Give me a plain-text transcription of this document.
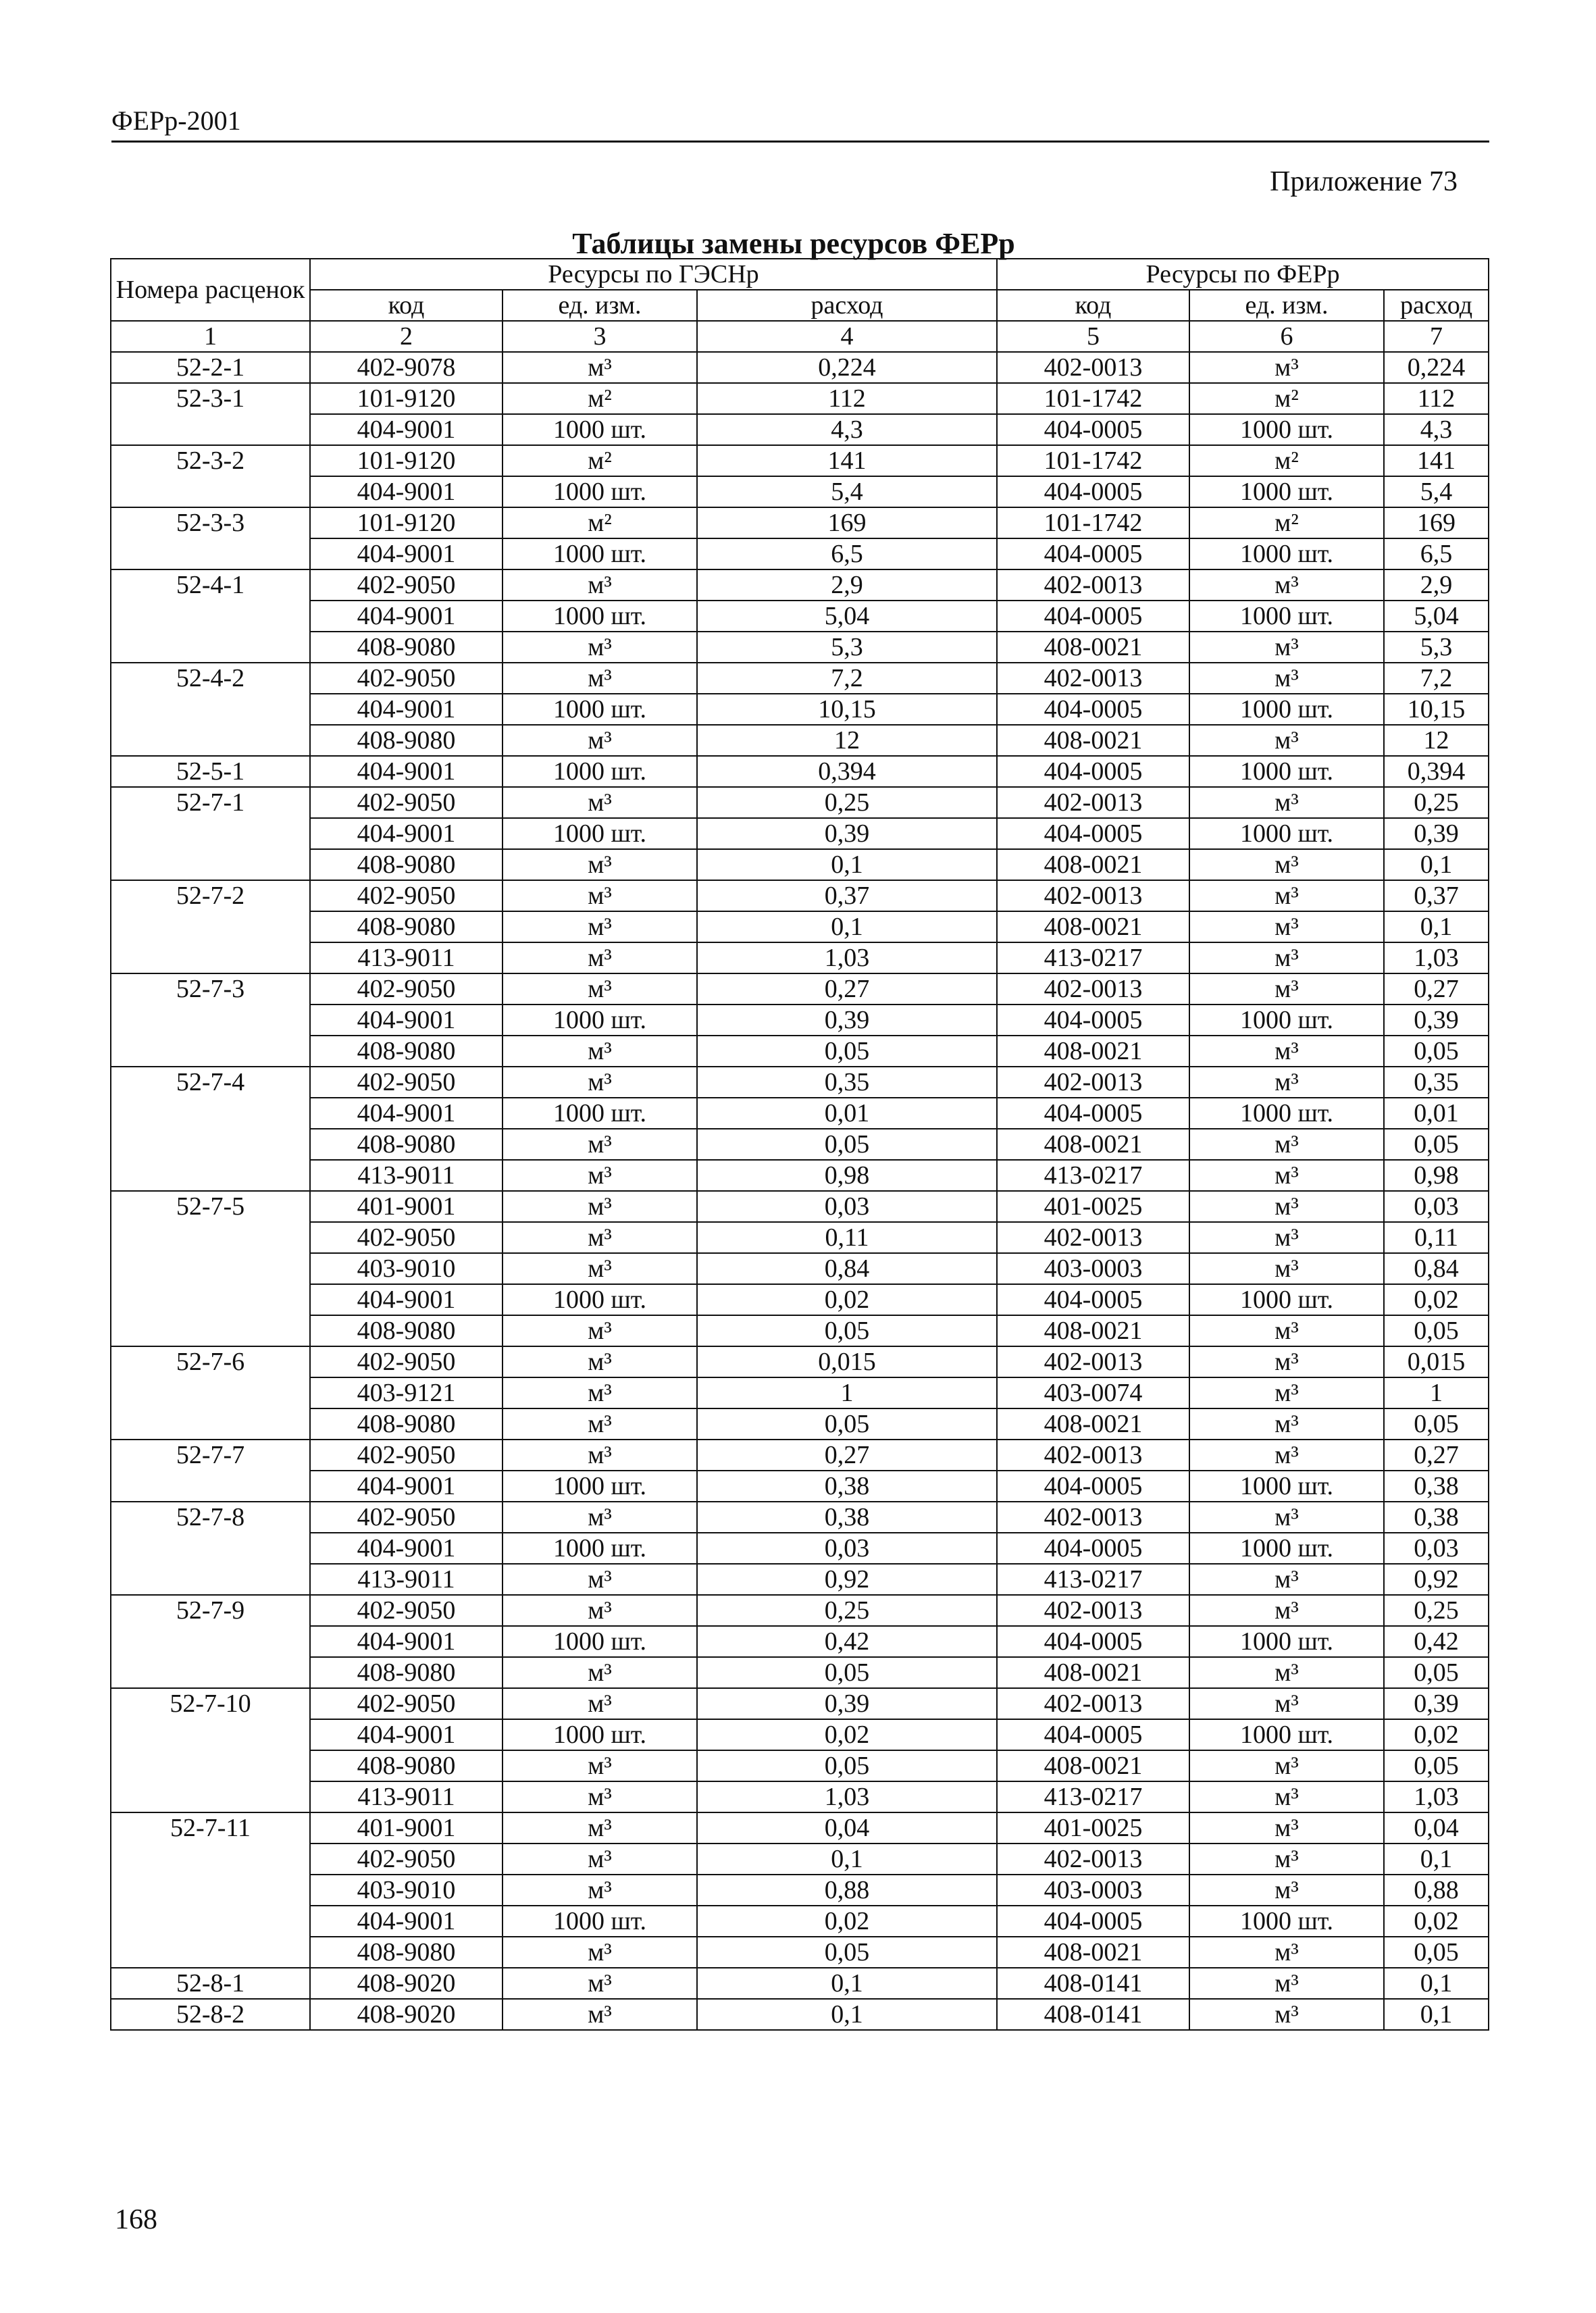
ФЕРр-2001
Приложение 73
Таблицы замены ресурсов ФЕРр
Номера расценок	Ресурсы по ГЭСНр			Ресурсы по ФЕРр		
	код	ед. изм.	расход	код	ед. изм.	расход
1	2	3	4	5	6	7
52-2-1	402-9078	м³	0,224	402-0013	м³	0,224
52-3-1	101-9120	м²	112	101-1742	м²	112
	404-9001	1000 шт.	4,3	404-0005	1000 шт.	4,3
52-3-2	101-9120	м²	141	101-1742	м²	141
	404-9001	1000 шт.	5,4	404-0005	1000 шт.	5,4
52-3-3	101-9120	м²	169	101-1742	м²	169
	404-9001	1000 шт.	6,5	404-0005	1000 шт.	6,5
52-4-1	402-9050	м³	2,9	402-0013	м³	2,9
	404-9001	1000 шт.	5,04	404-0005	1000 шт.	5,04
	408-9080	м³	5,3	408-0021	м³	5,3
52-4-2	402-9050	м³	7,2	402-0013	м³	7,2
	404-9001	1000 шт.	10,15	404-0005	1000 шт.	10,15
	408-9080	м³	12	408-0021	м³	12
52-5-1	404-9001	1000 шт.	0,394	404-0005	1000 шт.	0,394
52-7-1	402-9050	м³	0,25	402-0013	м³	0,25
	404-9001	1000 шт.	0,39	404-0005	1000 шт.	0,39
	408-9080	м³	0,1	408-0021	м³	0,1
52-7-2	402-9050	м³	0,37	402-0013	м³	0,37
	408-9080	м³	0,1	408-0021	м³	0,1
	413-9011	м³	1,03	413-0217	м³	1,03
52-7-3	402-9050	м³	0,27	402-0013	м³	0,27
	404-9001	1000 шт.	0,39	404-0005	1000 шт.	0,39
	408-9080	м³	0,05	408-0021	м³	0,05
52-7-4	402-9050	м³	0,35	402-0013	м³	0,35
	404-9001	1000 шт.	0,01	404-0005	1000 шт.	0,01
	408-9080	м³	0,05	408-0021	м³	0,05
	413-9011	м³	0,98	413-0217	м³	0,98
52-7-5	401-9001	м³	0,03	401-0025	м³	0,03
	402-9050	м³	0,11	402-0013	м³	0,11
	403-9010	м³	0,84	403-0003	м³	0,84
	404-9001	1000 шт.	0,02	404-0005	1000 шт.	0,02
	408-9080	м³	0,05	408-0021	м³	0,05
52-7-6	402-9050	м³	0,015	402-0013	м³	0,015
	403-9121	м³	1	403-0074	м³	1
	408-9080	м³	0,05	408-0021	м³	0,05
52-7-7	402-9050	м³	0,27	402-0013	м³	0,27
	404-9001	1000 шт.	0,38	404-0005	1000 шт.	0,38
52-7-8	402-9050	м³	0,38	402-0013	м³	0,38
	404-9001	1000 шт.	0,03	404-0005	1000 шт.	0,03
	413-9011	м³	0,92	413-0217	м³	0,92
52-7-9	402-9050	м³	0,25	402-0013	м³	0,25
	404-9001	1000 шт.	0,42	404-0005	1000 шт.	0,42
	408-9080	м³	0,05	408-0021	м³	0,05
52-7-10	402-9050	м³	0,39	402-0013	м³	0,39
	404-9001	1000 шт.	0,02	404-0005	1000 шт.	0,02
	408-9080	м³	0,05	408-0021	м³	0,05
	413-9011	м³	1,03	413-0217	м³	1,03
52-7-11	401-9001	м³	0,04	401-0025	м³	0,04
	402-9050	м³	0,1	402-0013	м³	0,1
	403-9010	м³	0,88	403-0003	м³	0,88
	404-9001	1000 шт.	0,02	404-0005	1000 шт.	0,02
	408-9080	м³	0,05	408-0021	м³	0,05
52-8-1	408-9020	м³	0,1	408-0141	м³	0,1
52-8-2	408-9020	м³	0,1	408-0141	м³	0,1
168
